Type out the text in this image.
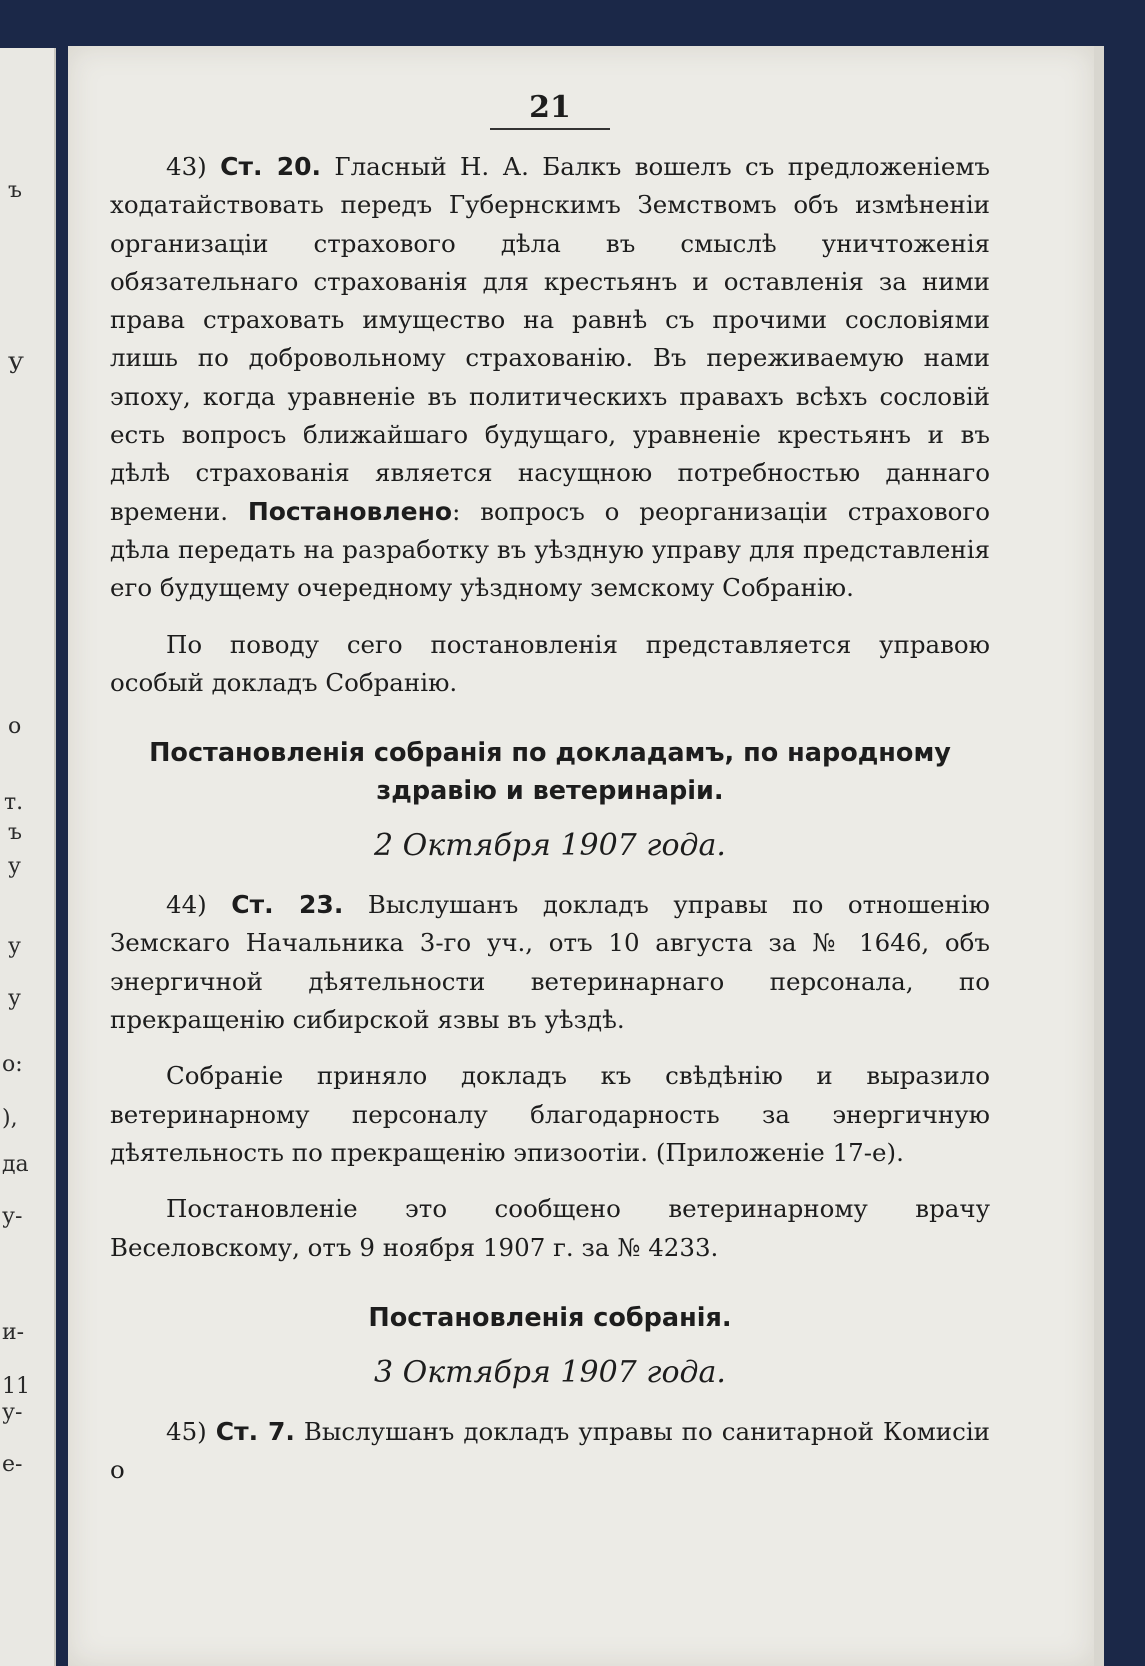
ъ
У
у
о
т.
ъ
у
у
о:
),
да
у-
и-
11
у-
е-
21

43) Ст. 20. Гласный Н. А. Балкъ вошелъ съ предложеніемъ ходатайствовать передъ Губернскимъ Земствомъ объ измѣненіи организаціи страхового дѣла въ смыслѣ уничтоженія обязательнаго страхованія для крестьянъ и оставленія за ними права страховать имущество на равнѣ съ прочими сословіями лишь по добровольному страхованію. Въ переживаемую нами эпоху, когда уравненіе въ политическихъ правахъ всѣхъ сословій есть вопросъ ближайшаго будущаго, уравненіе крестьянъ и въ дѣлѣ страхованія является насущною потребностью даннаго времени. Постановлено: вопросъ о реорганизаціи страхового дѣла передать на разработку въ уѣздную управу для представленія его будущему очередному уѣздному земскому Собранію.

По поводу сего постановленія представляется управою особый докладъ Собранію.

Постановленія собранія по докладамъ, по народному здравію и ветеринаріи.
2 Октября 1907 года.

44) Ст. 23. Выслушанъ докладъ управы по отношенію Земскаго Начальника 3-го уч., отъ 10 августа за № 1646, объ энергичной дѣятельности ветеринарнаго персонала, по прекращенію сибирской язвы въ уѣздѣ.

Собраніе приняло докладъ къ свѣдѣнію и выразило ветеринарному персоналу благодарность за энергичную дѣятельность по прекращенію эпизоотіи. (Приложеніе 17-е).

Постановленіе это сообщено ветеринарному врачу Веселовскому, отъ 9 ноября 1907 г. за № 4233.

Постановленія собранія.
3 Октября 1907 года.

45) Ст. 7. Выслушанъ докладъ управы по санитарной Комисіи о
